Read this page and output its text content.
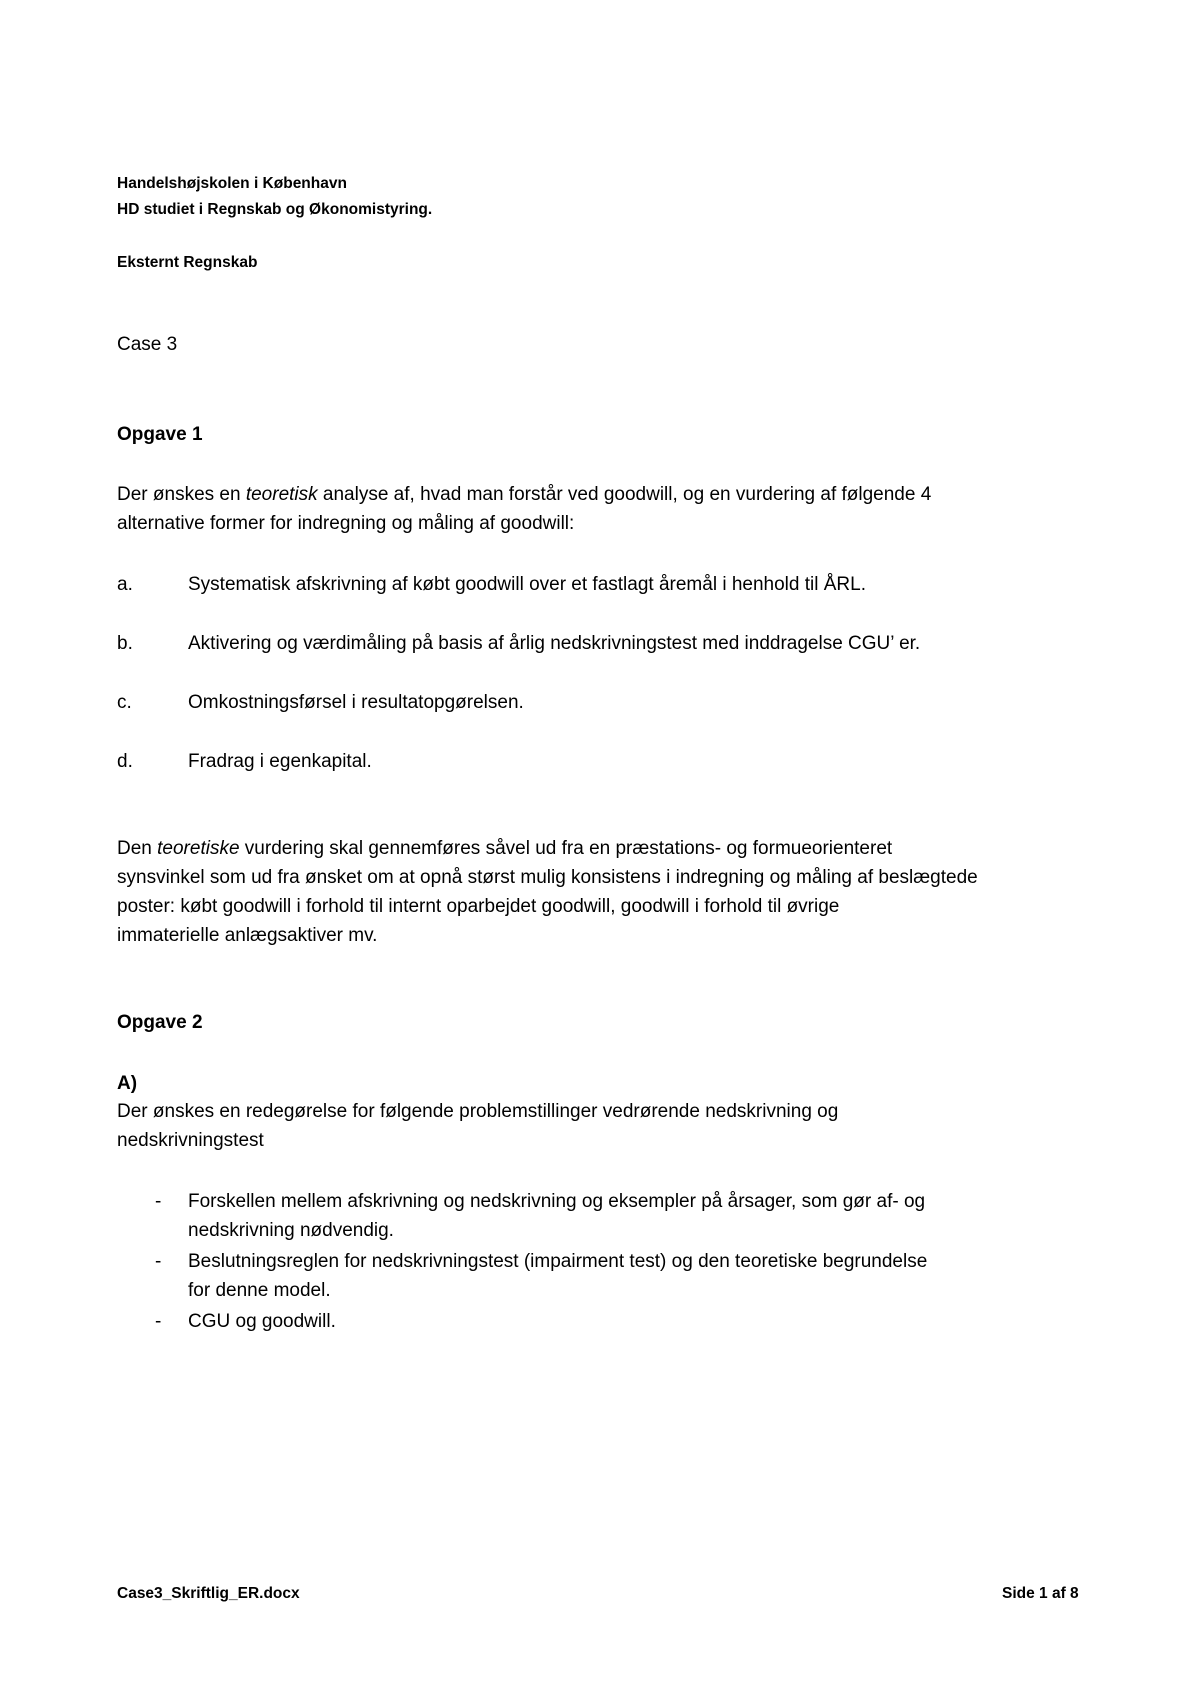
Handelshøjskolen i København

HD studiet i Regnskab og Økonomistyring.

Eksternt Regnskab

Case 3

Opgave 1

Der ønskes en teoretisk analyse af, hvad man forstår ved goodwill, og en vurdering af følgende 4
alternative former for indregning og måling af goodwill:

a.	Systematisk afskrivning af købt goodwill over et fastlagt åremål i henhold til ÅRL.

b.	Aktivering og værdimåling på basis af årlig nedskrivningstest med inddragelse CGU’ er.

c.	Omkostningsførsel i resultatopgørelsen.

d.	Fradrag i egenkapital.

Den teoretiske vurdering skal gennemføres såvel ud fra en præstations- og formueorienteret
synsvinkel som ud fra ønsket om at opnå størst mulig konsistens i indregning og måling af beslægtede
poster: købt goodwill i forhold til internt oparbejdet goodwill, goodwill i forhold til øvrige
immaterielle anlægsaktiver mv.

Opgave 2

A)

Der ønskes en redegørelse for følgende problemstillinger vedrørende nedskrivning og
nedskrivningstest

- Forskellen mellem afskrivning og nedskrivning og eksempler på årsager, som gør af- og
nedskrivning nødvendig.

- Beslutningsreglen for nedskrivningstest (impairment test) og den teoretiske begrundelse
for denne model.

- CGU og goodwill.

Case3_Skriftlig_ER.docx	Side 1 af 8
